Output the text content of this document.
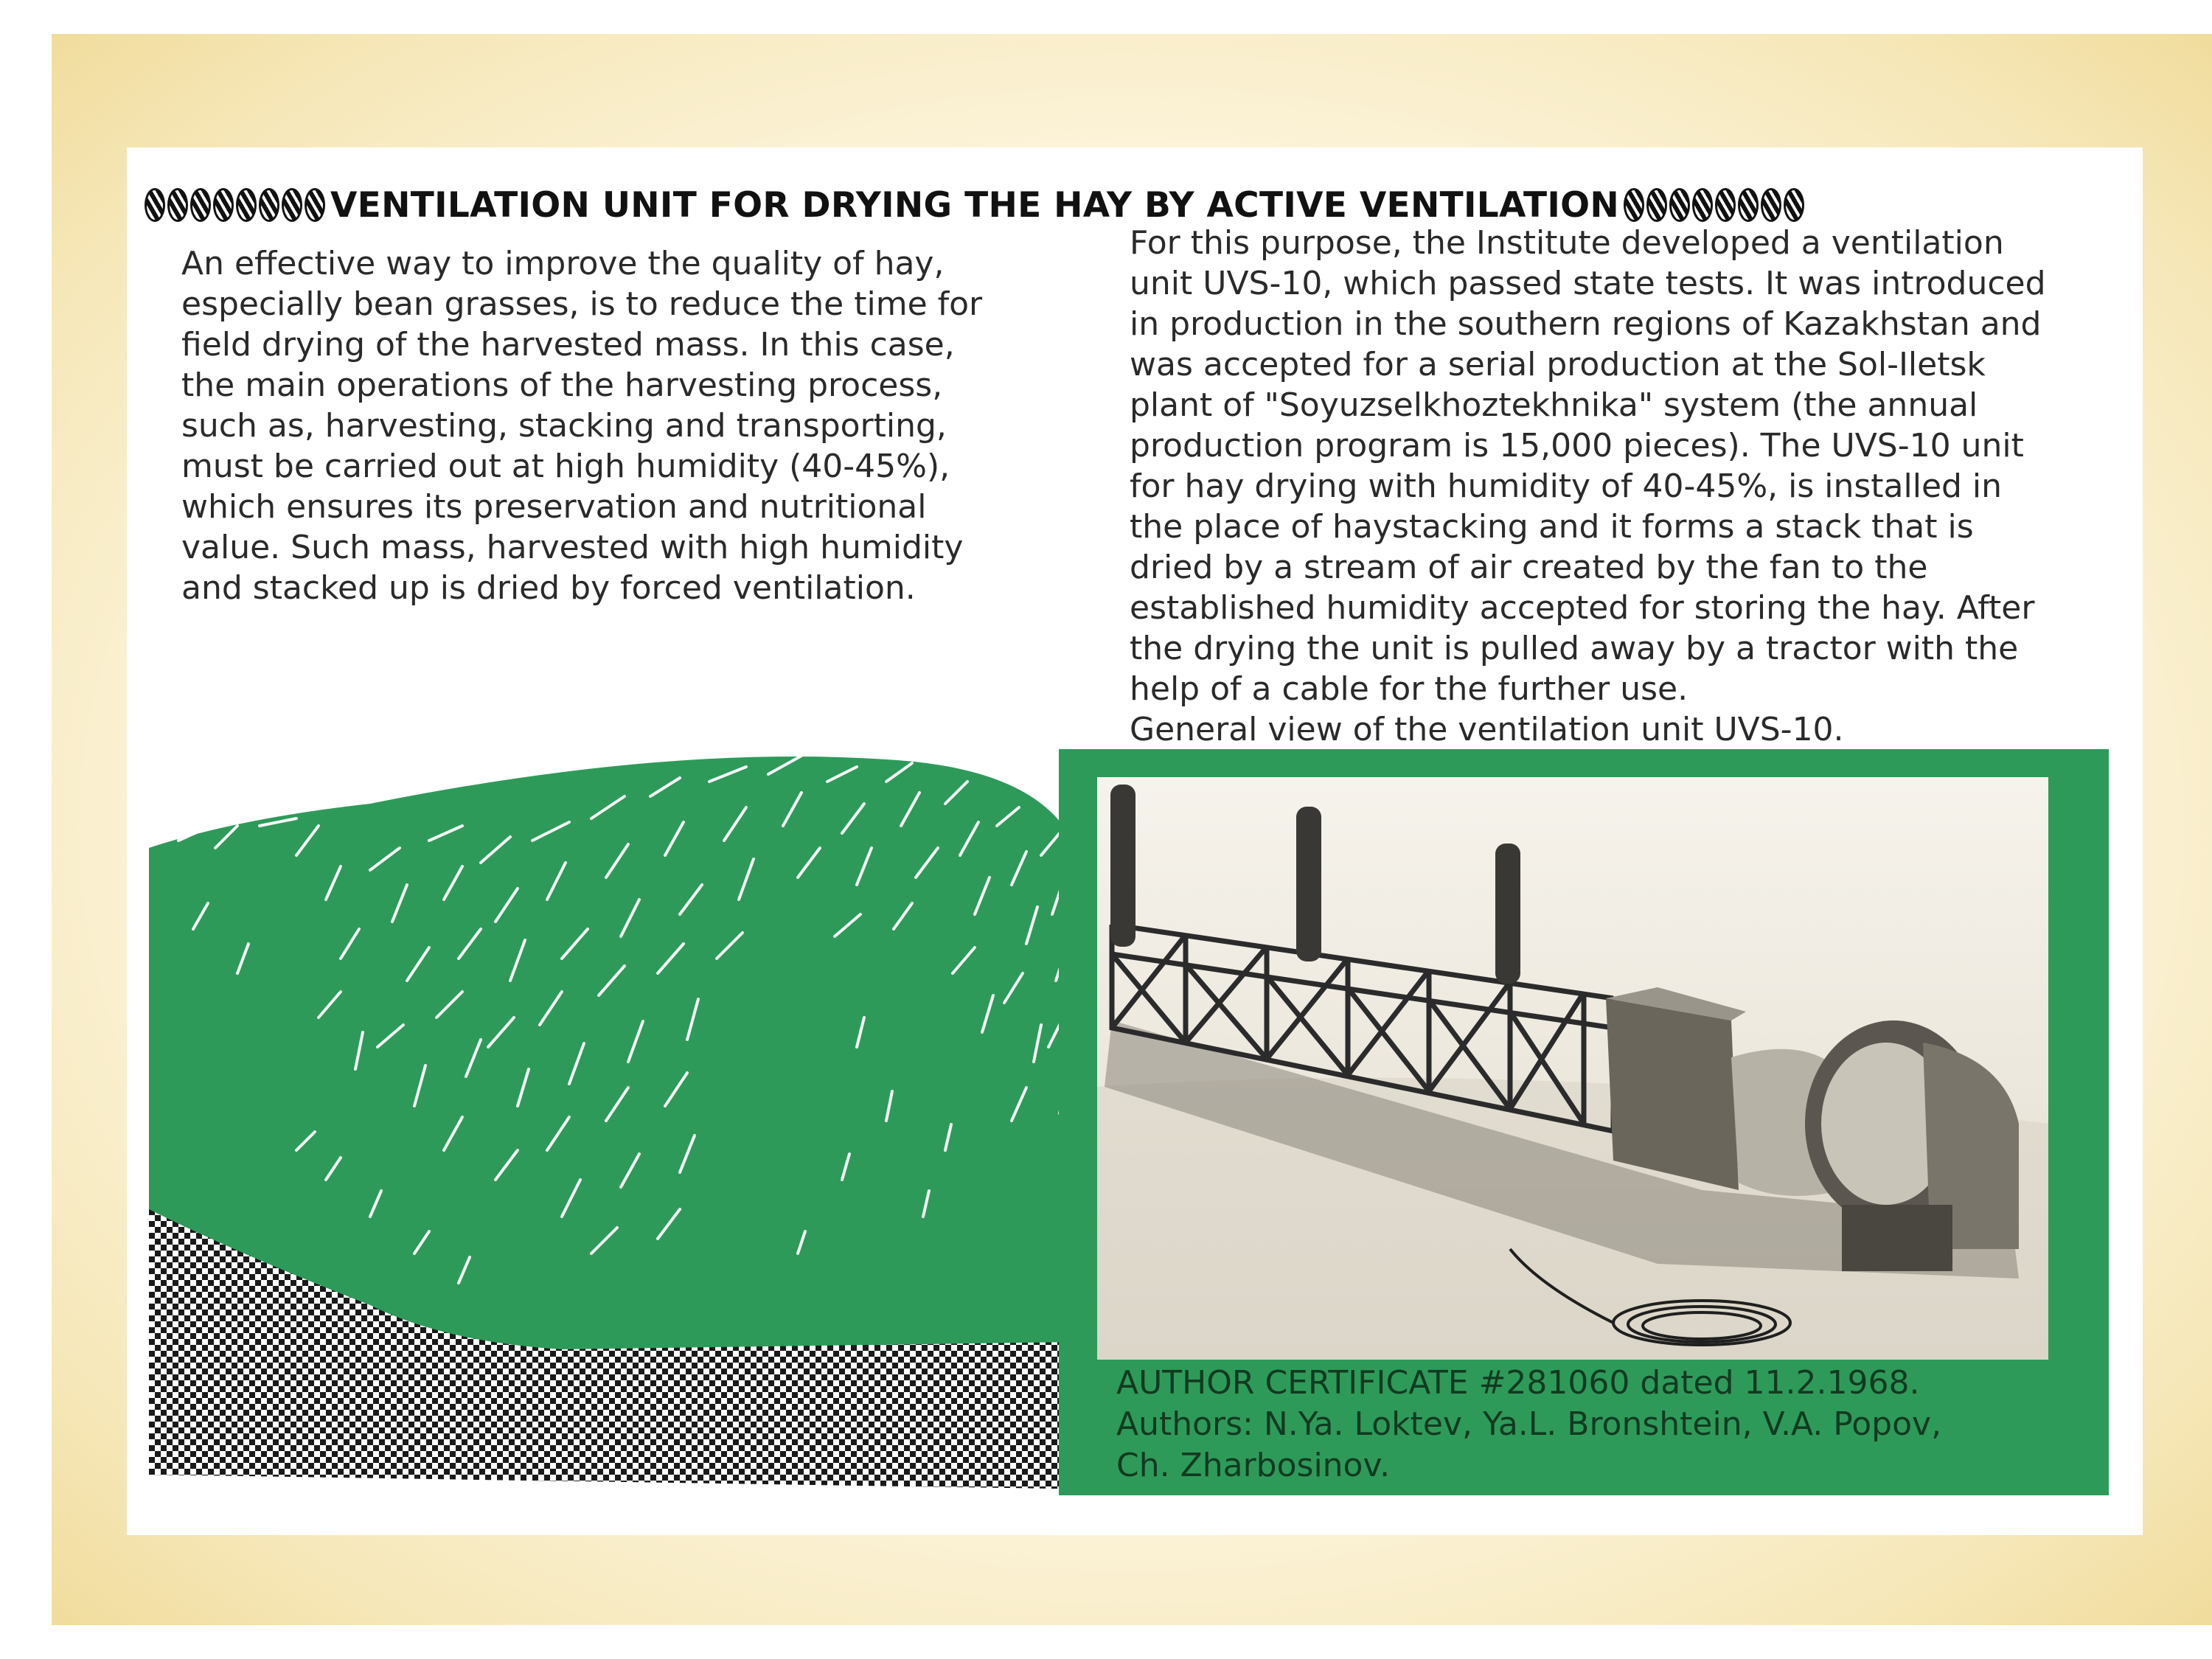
VENTILATION UNIT FOR DRYING THE HAY BY ACTIVE VENTILATION

An effective way to improve the quality of hay,

especially bean grasses, is to reduce the time for

field drying of the harvested mass. In this case,

the main operations of the harvesting process,

such as, harvesting, stacking and transporting,

must be carried out at high humidity (40-45%),

which ensures its preservation and nutritional

value. Such mass, harvested with high humidity

and stacked up is dried by forced ventilation.

For this purpose, the Institute developed a ventilation

unit UVS-10, which passed state tests. It was introduced

in production in the southern regions of Kazakhstan and

was accepted for a serial production at the Sol-Iletsk

plant of "Soyuzselkhoztekhnika" system (the annual

production program is 15,000 pieces). The UVS-10 unit

for hay drying with humidity of 40-45%, is installed in

the place of haystacking and it forms a stack that is

dried by a stream of air created by the fan to the

established humidity accepted for storing the hay. After

the drying the unit is pulled away by a tractor with the

help of a cable for the further use.

General view of the ventilation unit UVS-10.

AUTHOR CERTIFICATE #281060 dated 11.2.1968.
Authors: N.Ya. Loktev, Ya.L. Bronshtein, V.A. Popov,
Ch. Zharbosinov.
